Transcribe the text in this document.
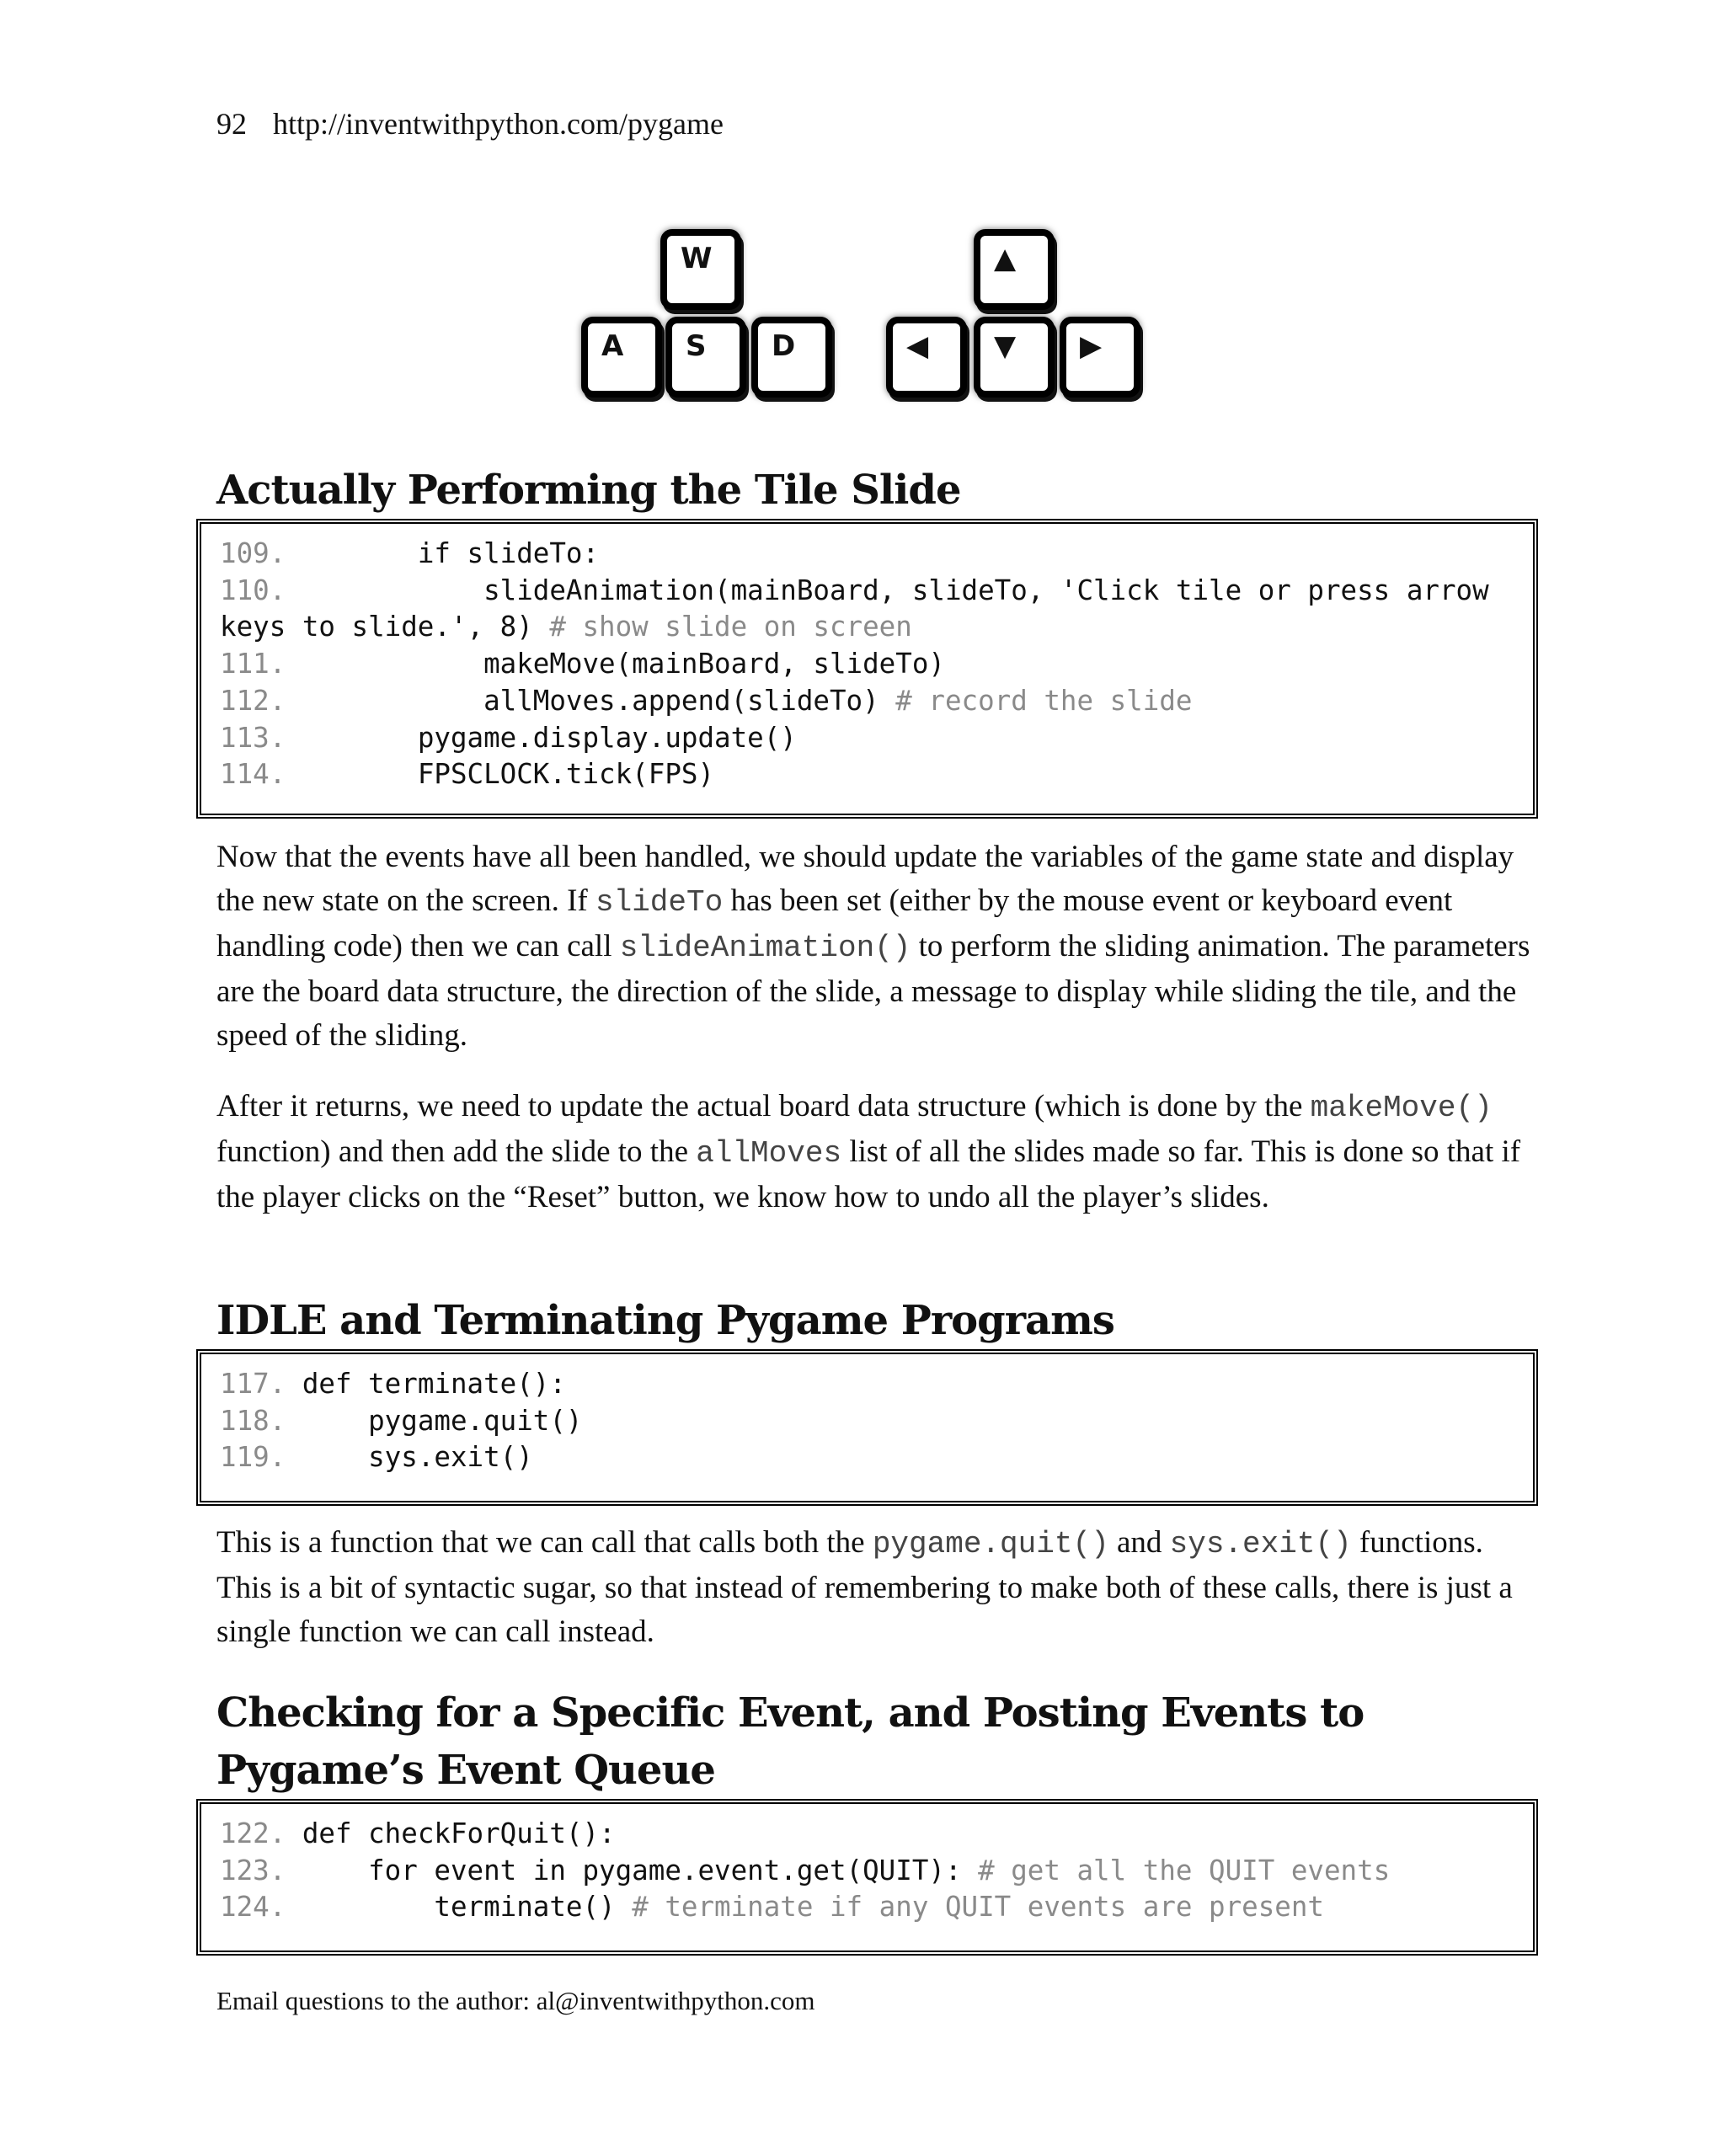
92 http://inventwithpython.com/pygame
W
A S D
▲
◀ ▼ ▶
Actually Performing the Tile Slide
109.        if slideTo:
110.            slideAnimation(mainBoard, slideTo, 'Click tile or press arrow
keys to slide.', 8) # show slide on screen
111.            makeMove(mainBoard, slideTo)
112.            allMoves.append(slideTo) # record the slide
113.        pygame.display.update()
114.        FPSCLOCK.tick(FPS)

Now that the events have all been handled, we should update the variables of the game state and display the new state on the screen. If slideTo has been set (either by the mouse event or keyboard event handling code) then we can call slideAnimation() to perform the sliding animation. The parameters are the board data structure, the direction of the slide, a message to display while sliding the tile, and the speed of the sliding.

After it returns, we need to update the actual board data structure (which is done by the makeMove() function) and then add the slide to the allMoves list of all the slides made so far. This is done so that if the player clicks on the “Reset” button, we know how to undo all the player’s slides.

IDLE and Terminating Pygame Programs
117. def terminate():
118.     pygame.quit()
119.     sys.exit()

This is a function that we can call that calls both the pygame.quit() and sys.exit() functions. This is a bit of syntactic sugar, so that instead of remembering to make both of these calls, there is just a single function we can call instead.

Checking for a Specific Event, and Posting Events to Pygame’s Event Queue
122. def checkForQuit():
123.     for event in pygame.event.get(QUIT): # get all the QUIT events
124.         terminate() # terminate if any QUIT events are present
Email questions to the author: al@inventwithpython.com
